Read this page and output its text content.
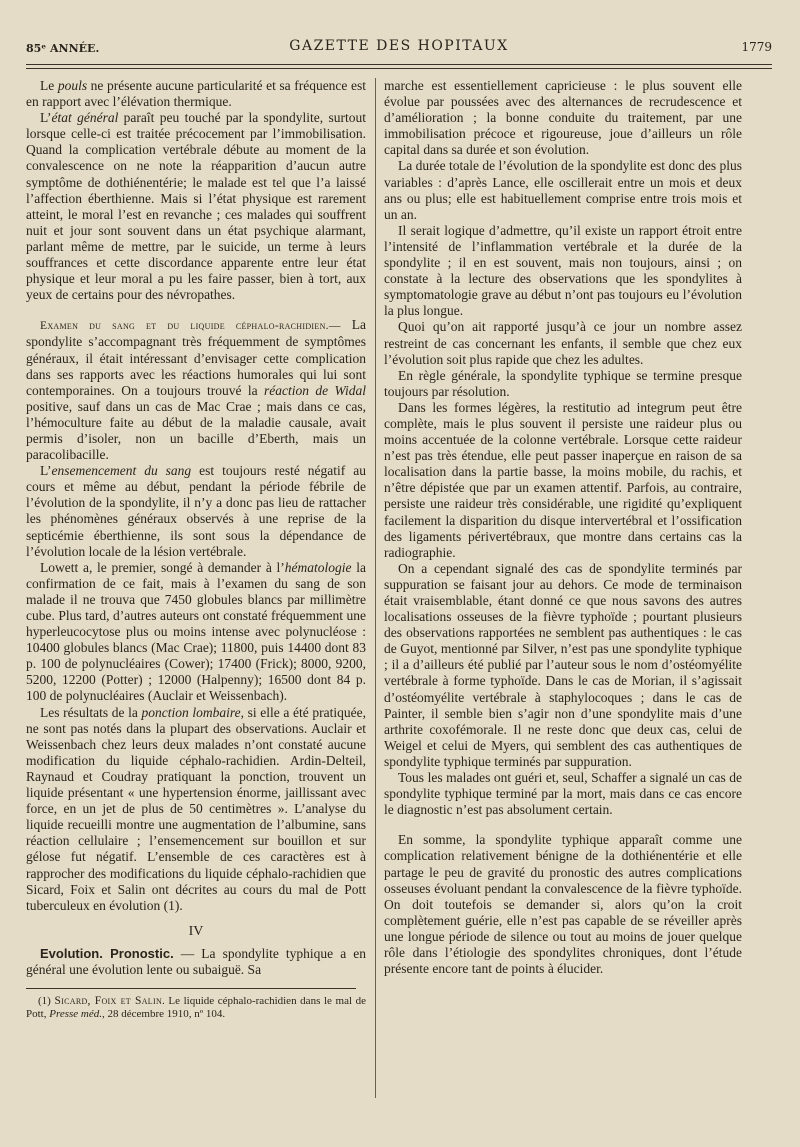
85ᵉ ANNÉE.	GAZETTE DES HOPITAUX	1779

Le pouls ne présente aucune particularité et sa fréquence est en rapport avec l’élévation thermique.

L’état général paraît peu touché par la spondylite, surtout lorsque celle-ci est traitée précocement par l’immobilisation. Quand la complication vertébrale débute au moment de la convalescence on ne note la réapparition d’aucun autre symptôme de dothiénentérie; le malade est tel que l’a laissé l’affection éberthienne. Mais si l’état physique est rarement atteint, le moral l’est en revanche ; ces malades qui souffrent nuit et jour sont souvent dans un état psychique alarmant, parlant même de mettre, par le suicide, un terme à leurs souffrances et cette discordance apparente entre leur état physique et leur moral a pu les faire passer, bien à tort, aux yeux de certains pour des névropathes.

Examen du sang et du liquide céphalo-rachidien.— La spondylite s’accompagnant très fréquemment de symptômes généraux, il était intéressant d’envisager cette complication dans ses rapports avec les réactions humorales qui lui sont contemporaines. On a toujours trouvé la réaction de Widal positive, sauf dans un cas de Mac Crae ; mais dans ce cas, l’hémoculture faite au début de la maladie causale, avait permis d’isoler, non un bacille d’Eberth, mais un paracolibacille.

L’ensemencement du sang est toujours resté négatif au cours et même au début, pendant la période fébrile de l’évolution de la spondylite, il n’y a donc pas lieu de rattacher les phénomènes généraux observés à une reprise de la septicémie éberthienne, ils sont sous la dépendance de l’évolution locale de la lésion vertébrale.

Lowett a, le premier, songé à demander à l’hématologie la confirmation de ce fait, mais à l’examen du sang de son malade il ne trouva que 7450 globules blancs par millimètre cube. Plus tard, d’autres auteurs ont constaté fréquemment une hyperleucocytose plus ou moins intense avec polynucléose : 10400 globules blancs (Mac Crae); 11800, puis 14400 dont 83 p. 100 de polynucléaires (Cower); 17400 (Frick); 8000, 9200, 5200, 12200 (Potter) ; 12000 (Halpenny); 16500 dont 84 p. 100 de polynucléaires (Auclair et Weissenbach).

Les résultats de la ponction lombaire, si elle a été pratiquée, ne sont pas notés dans la plupart des observations. Auclair et Weissenbach chez leurs deux malades n’ont constaté aucune modification du liquide céphalo-rachidien. Ardin-Delteil, Raynaud et Coudray pratiquant la ponction, trouvent un liquide présentant « une hypertension énorme, jaillissant avec force, en un jet de plus de 50 centimètres ». L’analyse du liquide recueilli montre une augmentation de l’albumine, sans réaction cellulaire ; l’ensemencement sur bouillon et sur gélose fut négatif. L’ensemble de ces caractères est à rapprocher des modifications du liquide céphalo-rachidien que Sicard, Foix et Salin ont décrites au cours du mal de Pott tuberculeux en évolution (1).

IV

Evolution. Pronostic. — La spondylite typhique a en général une évolution lente ou subaiguë. Sa

(1) Sicard, Foix et Salin. Le liquide céphalo-rachidien dans le mal de Pott, Presse méd., 28 décembre 1910, nº 104.

marche est essentiellement capricieuse : le plus souvent elle évolue par poussées avec des alternances de recrudescence et d’amélioration ; la bonne conduite du traitement, par une immobilisation précoce et rigoureuse, joue d’ailleurs un rôle capital dans sa durée et son évolution.

La durée totale de l’évolution de la spondylite est donc des plus variables : d’après Lance, elle oscillerait entre un mois et deux ans ou plus; elle est habituellement comprise entre trois mois et un an.

Il serait logique d’admettre, qu’il existe un rapport étroit entre l’intensité de l’inflammation vertébrale et la durée de la spondylite ; il en est souvent, mais non toujours, ainsi ; on constate à la lecture des observations que les spondylites à symptomatologie grave au début n’ont pas toujours eu l’évolution la plus longue.

Quoi qu’on ait rapporté jusqu’à ce jour un nombre assez restreint de cas concernant les enfants, il semble que chez eux l’évolution soit plus rapide que chez les adultes.

En règle générale, la spondylite typhique se termine presque toujours par résolution.

Dans les formes légères, la restitutio ad integrum peut être complète, mais le plus souvent il persiste une raideur plus ou moins accentuée de la colonne vertébrale. Lorsque cette raideur n’est pas très étendue, elle peut passer inaperçue en raison de sa localisation dans la partie basse, la moins mobile, du rachis, et n’être dépistée que par un examen attentif. Parfois, au contraire, persiste une raideur très considérable, une rigidité qu’expliquent facilement la disparition du disque intervertébral et l’ossification des ligaments périvertébraux, que montre dans certains cas la radiographie.

On a cependant signalé des cas de spondylite terminés par suppuration se faisant jour au dehors. Ce mode de terminaison était vraisemblable, étant donné ce que nous savons des autres localisations osseuses de la fièvre typhoïde ; pourtant plusieurs des observations rapportées ne semblent pas authentiques : le cas de Guyot, mentionné par Silver, n’est pas une spondylite typhique ; il a d’ailleurs été publié par l’auteur sous le nom d’ostéomyélite vertébrale à forme typhoïde. Dans le cas de Morian, il s’agissait d’ostéomyélite vertébrale à staphylocoques ; dans le cas de Painter, il semble bien s’agir non d’une spondylite mais d’une arthrite coxofémorale. Il ne reste donc que deux cas, celui de Weigel et celui de Myers, qui semblent des cas authentiques de spondylite typhique terminés par suppuration.

Tous les malades ont guéri et, seul, Schaffer a signalé un cas de spondylite typhique terminé par la mort, mais dans ce cas encore le diagnostic n’est pas absolument certain.

En somme, la spondylite typhique apparaît comme une complication relativement bénigne de la dothiénentérie et elle partage le peu de gravité du pronostic des autres complications osseuses évoluant pendant la convalescence de la fièvre typhoïde. On doit toutefois se demander si, alors qu’on la croit complètement guérie, elle n’est pas capable de se réveiller après une longue période de silence ou tout au moins de jouer quelque rôle dans l’étiologie des spondylites chroniques, dont l’étude présente encore tant de points à élucider.
